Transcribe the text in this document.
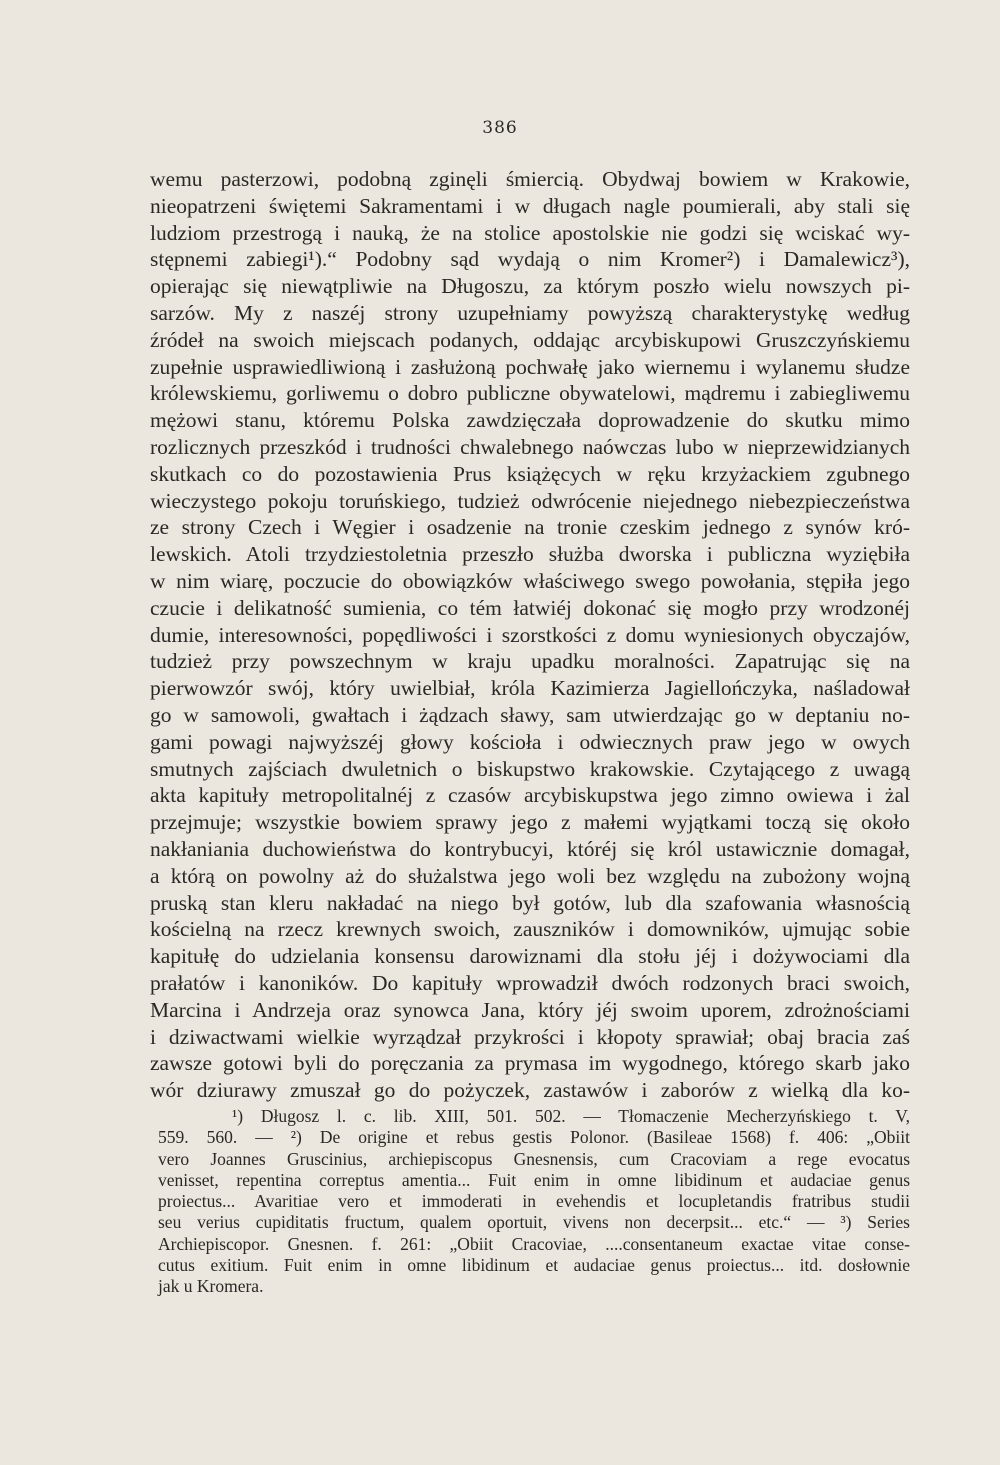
386
wemu pasterzowi, podobną zginęli śmiercią. Obydwaj bowiem w Krakowie,
nieopatrzeni świętemi Sakramentami i w długach nagle poumierali, aby stali się
ludziom przestrogą i nauką, że na stolice apostolskie nie godzi się wciskać wy-
stępnemi zabiegi¹).“ Podobny sąd wydają o nim Kromer²) i Damalewicz³),
opierając się niewątpliwie na Długoszu, za którym poszło wielu nowszych pi-
sarzów. My z naszéj strony uzupełniamy powyższą charakterystykę według
źródeł na swoich miejscach podanych, oddając arcybiskupowi Gruszczyńskiemu
zupełnie usprawiedliwioną i zasłużoną pochwałę jako wiernemu i wylanemu słudze
królewskiemu, gorliwemu o dobro publiczne obywatelowi, mądremu i zabiegliwemu
mężowi stanu, któremu Polska zawdzięczała doprowadzenie do skutku mimo
rozlicznych przeszkód i trudności chwalebnego naówczas lubo w nieprzewidzianych
skutkach co do pozostawienia Prus książęcych w ręku krzyżackiem zgubnego
wieczystego pokoju toruńskiego, tudzież odwrócenie niejednego niebezpieczeństwa
ze strony Czech i Węgier i osadzenie na tronie czeskim jednego z synów kró-
lewskich. Atoli trzydziestoletnia przeszło służba dworska i publiczna wyziębiła
w nim wiarę, poczucie do obowiązków właściwego swego powołania, stępiła jego
czucie i delikatność sumienia, co tém łatwiéj dokonać się mogło przy wrodzonéj
dumie, interesowności, popędliwości i szorstkości z domu wyniesionych obyczajów,
tudzież przy powszechnym w kraju upadku moralności. Zapatrując się na
pierwowzór swój, który uwielbiał, króla Kazimierza Jagiellończyka, naśladował
go w samowoli, gwałtach i żądzach sławy, sam utwierdzając go w deptaniu no-
gami powagi najwyższéj głowy kościoła i odwiecznych praw jego w owych
smutnych zajściach dwuletnich o biskupstwo krakowskie. Czytającego z uwagą
akta kapituły metropolitalnéj z czasów arcybiskupstwa jego zimno owiewa i żal
przejmuje; wszystkie bowiem sprawy jego z małemi wyjątkami toczą się około
nakłaniania duchowieństwa do kontrybucyi, któréj się król ustawicznie domagał,
a którą on powolny aż do służalstwa jego woli bez względu na zubożony wojną
pruską stan kleru nakładać na niego był gotów, lub dla szafowania własnością
kościelną na rzecz krewnych swoich, zauszników i domowników, ujmując sobie
kapitułę do udzielania konsensu darowiznami dla stołu jéj i dożywociami dla
prałatów i kanoników. Do kapituły wprowadził dwóch rodzonych braci swoich,
Marcina i Andrzeja oraz synowca Jana, który jéj swoim uporem, zdrożnościami
i dziwactwami wielkie wyrządzał przykrości i kłopoty sprawiał; obaj bracia zaś
zawsze gotowi byli do poręczania za prymasa im wygodnego, którego skarb jako
wór dziurawy zmuszał go do pożyczek, zastawów i zaborów z wielką dla ko-
¹) Długosz l. c. lib. XIII, 501. 502. — Tłomaczenie Mecherzyńskiego t. V,
559. 560. — ²) De origine et rebus gestis Polonor. (Basileae 1568) f. 406: „Obiit
vero Joannes Gruscinius, archiepiscopus Gnesnensis, cum Cracoviam a rege evocatus
venisset, repentina correptus amentia... Fuit enim in omne libidinum et audaciae genus
proiectus... Avaritiae vero et immoderati in evehendis et locupletandis fratribus studii
seu verius cupiditatis fructum, qualem oportuit, vivens non decerpsit... etc.“ — ³) Series
Archiepiscopor. Gnesnen. f. 261: „Obiit Cracoviae, ....consentaneum exactae vitae conse-
cutus exitium. Fuit enim in omne libidinum et audaciae genus proiectus... itd. dosłownie
jak u Kromera.
